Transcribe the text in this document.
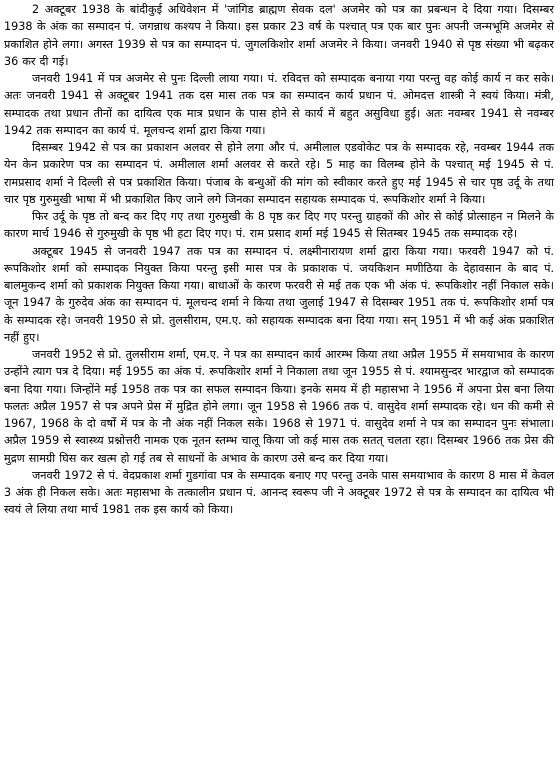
2 अक्टूबर 1938 के बांदीकुई अधिवेशन में 'जांगिड ब्राह्मण सेवक दल' अजमेर को पत्र का प्रबन्धन दे दिया गया। दिसम्बर 1938 के अंक का सम्पादन पं. जगन्नाथ कश्यप ने किया। इस प्रकार 23 वर्ष के पश्चात् पत्र एक बार पुनः अपनी जन्मभूमि अजमेर से प्रकाशित होने लगा। अगस्त 1939 से पत्र का सम्पादन पं. जुगलकिशोर शर्मा अजमेर ने किया। जनवरी 1940 से पृष्ठ संख्या भी बढ़कर 36 कर दी गई।

जनवरी 1941 में पत्र अजमेर से पुनः दिल्ली लाया गया। पं. रविदत्त को सम्पादक बनाया गया परन्तु वह कोई कार्य न कर सके। अतः जनवरी 1941 से अक्टूबर 1941 तक दस मास तक पत्र का सम्पादन कार्य प्रधान पं. ओमदत्त शास्त्री ने स्वयं किया। मंत्री, सम्पादक तथा प्रधान तीनों का दायित्व एक मात्र प्रधान के पास होने से कार्य में बहुत असुविधा हुई। अतः नवम्बर 1941 से नवम्बर 1942 तक सम्पादन का कार्य पं. मूलचन्द शर्मा द्वारा किया गया।

दिसम्बर 1942 से पत्र का प्रकाशन अलवर से होने लगा और पं. अमीलाल एडवोकेट पत्र के सम्पादक रहे, नवम्बर 1944 तक येन केन प्रकारेण पत्र का सम्पादन पं. अमीलाल शर्मा अलवर से करते रहे। 5 माह का विलम्ब होने के पश्चात् मई 1945 से पं. रामप्रसाद शर्मा ने दिल्ली से पत्र प्रकाशित किया। पंजाब के बन्धुओं की मांग को स्वीकार करते हुए मई 1945 से चार पृष्ठ उर्दू के तथा चार पृष्ठ गुरुमुखी भाषा में भी प्रकाशित किए जाने लगे जिनका सम्पादन सहायक सम्पादक पं. रूपकिशोर शर्मा ने किया।

फिर उर्दू के पृष्ठ तो बन्द कर दिए गए तथा गुरुमुखी के 8 पृष्ठ कर दिए गए परन्तु ग्राहकों की ओर से कोई प्रोत्साहन न मिलने के कारण मार्च 1946 से गुरुमुखी के पृष्ठ भी हटा दिए गए। पं. राम प्रसाद शर्मा मई 1945 से सितम्बर 1945 तक सम्पादक रहे।

अक्टूबर 1945 से जनवरी 1947 तक पत्र का सम्पादन पं. लक्ष्मीनारायण शर्मा द्वारा किया गया। फरवरी 1947 को पं. रूपकिशोर शर्मा को सम्पादक नियुक्त किया परन्तु इसी मास पत्र के प्रकाशक पं. जयकिशन मणीठिया के देहावसान के बाद पं. बालमुकन्द शर्मा को प्रकाशक नियुक्त किया गया। बाधाओं के कारण फरवरी से मई तक एक भी अंक पं. रूपकिशोर नहीं निकाल सके। जून 1947 के गुरुदेव अंक का सम्पादन पं. मूलचन्द शर्मा ने किया तथा जुलाई 1947 से दिसम्बर 1951 तक पं. रूपकिशोर शर्मा पत्र के सम्पादक रहे। जनवरी 1950 से प्रो. तुलसीराम, एम.ए. को सहायक सम्पादक बना दिया गया। सन् 1951 में भी कई अंक प्रकाशित नहीं हुए।

जनवरी 1952 से प्रो. तुलसीराम शर्मा, एम.ए. ने पत्र का सम्पादन कार्य आरम्भ किया तथा अप्रैल 1955 में समयाभाव के कारण उन्होंने त्याग पत्र दे दिया। मई 1955 का अंक पं. रूपकिशोर शर्मा ने निकाला तथा जून 1955 से पं. श्यामसुन्दर भारद्वाज को सम्पादक बना दिया गया। जिन्होंने मई 1958 तक पत्र का सफल सम्पादन किया। इनके समय में ही महासभा ने 1956 में अपना प्रेस बना लिया फलतः अप्रैल 1957 से पत्र अपने प्रेस में मुद्रित होने लगा। जून 1958 से 1966 तक पं. वासुदेव शर्मा सम्पादक रहे। धन की कमी से 1967, 1968 के दो वर्षों में पत्र के नौ अंक नहीं निकल सके। 1968 से 1971 पं. वासुदेव शर्मा ने पत्र का सम्पादन पुनः संभाला। अप्रैल 1959 से स्वास्थ्य प्रश्नोत्तरी नामक एक नूतन स्तम्भ चालू किया जो कई मास तक सतत् चलता रहा। दिसम्बर 1966 तक प्रेस की मुद्रण सामग्री घिस कर खत्म हो गई तब से साधनों के अभाव के कारण उसे बन्द कर दिया गया।

जनवरी 1972 से पं. वेदप्रकाश शर्मा गुडगांवा पत्र के सम्पादक बनाए गए परन्तु उनके पास समयाभाव के कारण 8 मास में केवल 3 अंक ही निकल सके। अतः महासभा के तत्कालीन प्रधान पं. आनन्द स्वरूप जी ने अक्टूबर 1972 से पत्र के सम्पादन का दायित्व भी स्वयं ले लिया तथा मार्च 1981 तक इस कार्य को किया।
